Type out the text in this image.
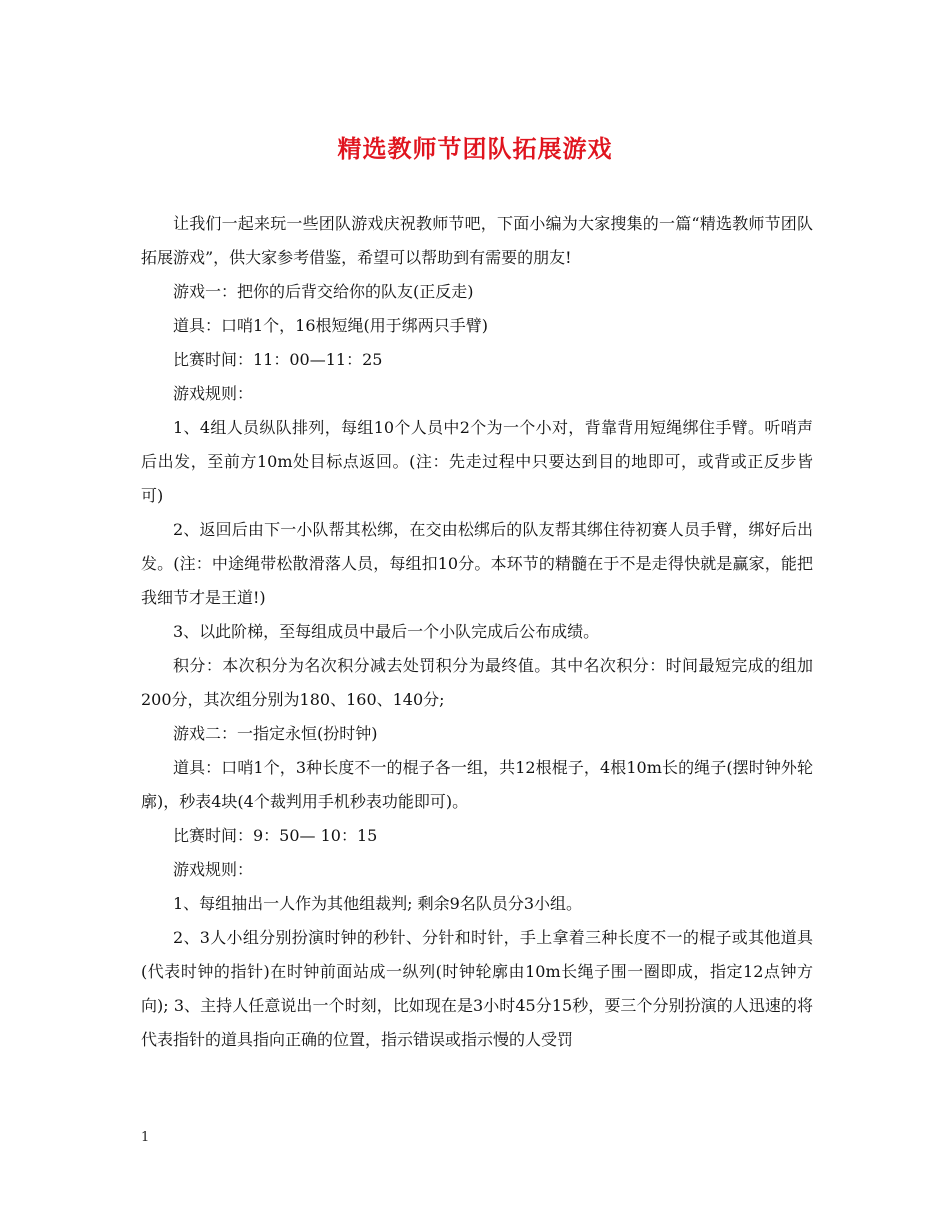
精选教师节团队拓展游戏

让我们一起来玩一些团队游戏庆祝教师节吧，下面小编为大家搜集的一篇“精选教师节团队拓展游戏”，供大家参考借鉴，希望可以帮助到有需要的朋友!

游戏一：把你的后背交给你的队友(正反走)

道具：口哨1个，16根短绳(用于绑两只手臂)

比赛时间：11：00—11：25

游戏规则：

1、4组人员纵队排列，每组10个人员中2个为一个小对，背靠背用短绳绑住手臂。听哨声后出发，至前方10m处目标点返回。(注：先走过程中只要达到目的地即可，或背或正反步皆可)

2、返回后由下一小队帮其松绑，在交由松绑后的队友帮其绑住待初赛人员手臂，绑好后出发。(注：中途绳带松散滑落人员，每组扣10分。本环节的精髓在于不是走得快就是赢家，能把我细节才是王道!)

3、以此阶梯，至每组成员中最后一个小队完成后公布成绩。

积分：本次积分为名次积分减去处罚积分为最终值。其中名次积分：时间最短完成的组加200分，其次组分别为180、160、140分;

游戏二：一指定永恒(扮时钟)

道具：口哨1个，3种长度不一的棍子各一组，共12根棍子，4根10m长的绳子(摆时钟外轮廓)，秒表4块(4个裁判用手机秒表功能即可)。

比赛时间：9：50— 10：15

游戏规则：

1、每组抽出一人作为其他组裁判; 剩余9名队员分3小组。

2、3人小组分别扮演时钟的秒针、分针和时针，手上拿着三种长度不一的棍子或其他道具(代表时钟的指针)在时钟前面站成一纵列(时钟轮廓由10m长绳子围一圈即成，指定12点钟方向); 3、主持人任意说出一个时刻，比如现在是3小时45分15秒，要三个分别扮演的人迅速的将代表指针的道具指向正确的位置，指示错误或指示慢的人受罚

1
